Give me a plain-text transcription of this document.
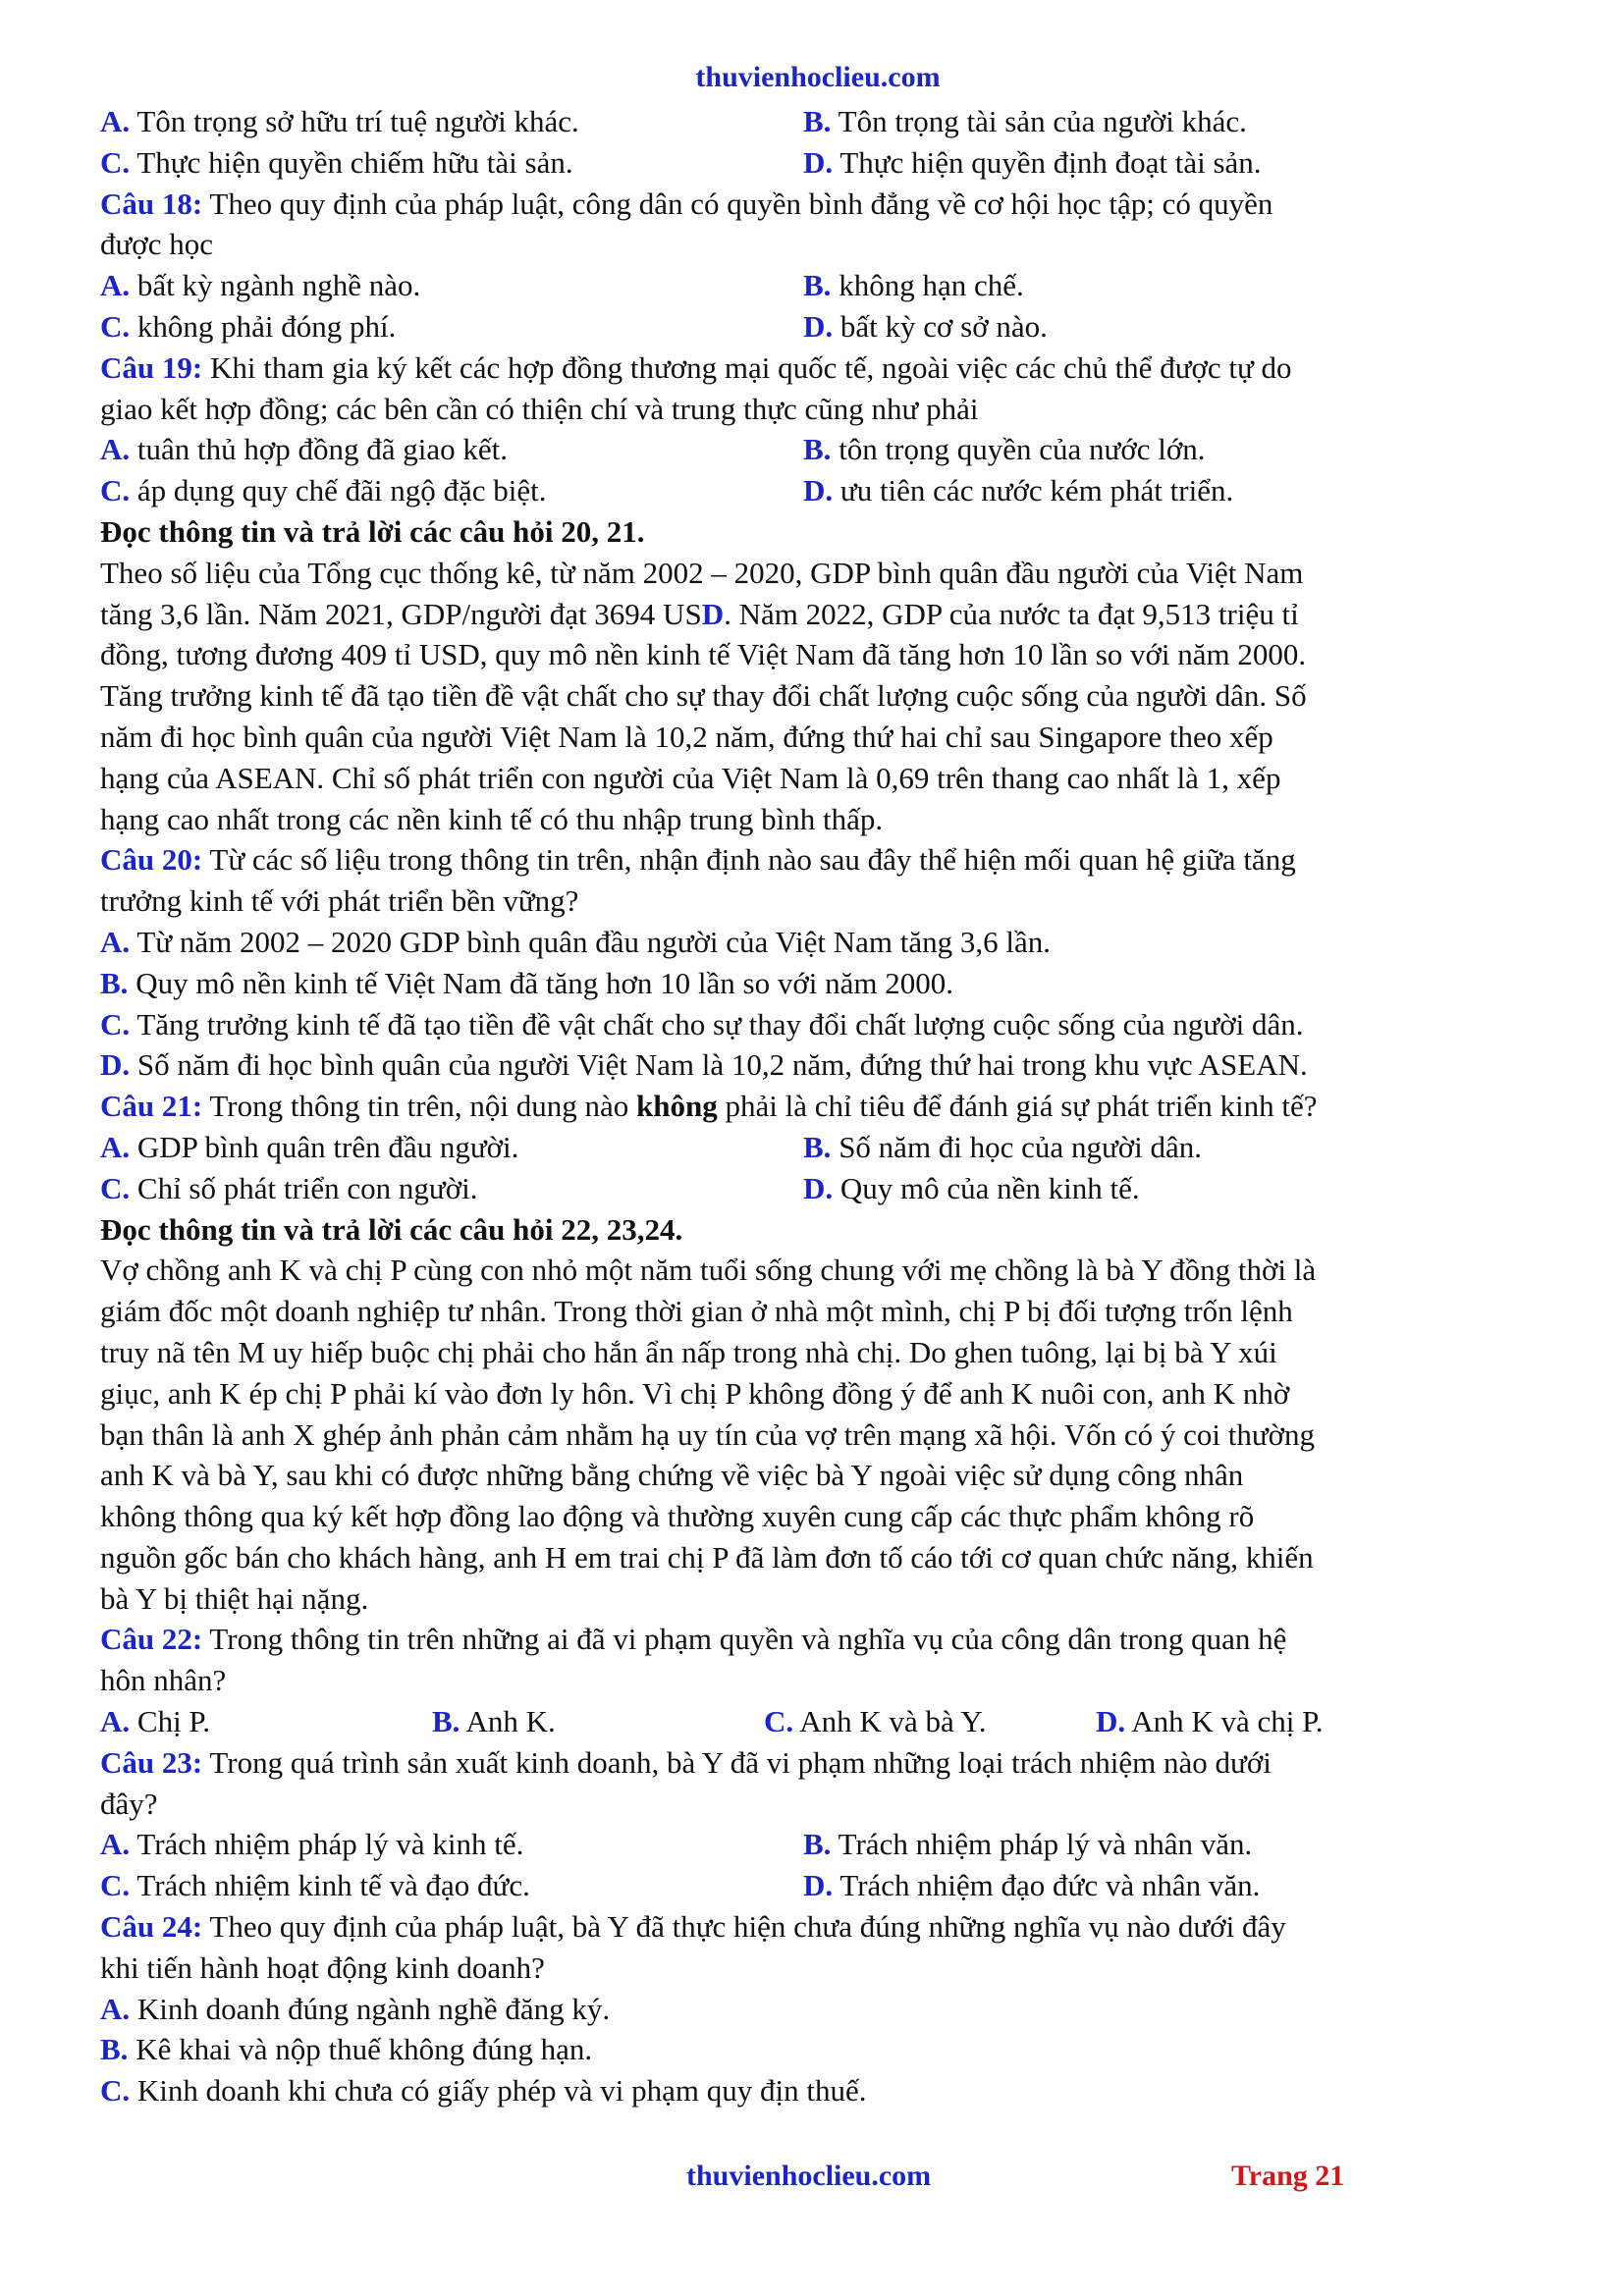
thuvienhoclieu.com
A. Tôn trọng sở hữu trí tuệ người khác.	B. Tôn trọng tài sản của người khác.
C. Thực hiện quyền chiếm hữu tài sản.	D. Thực hiện quyền định đoạt tài sản.
Câu 18: Theo quy định của pháp luật, công dân có quyền bình đẳng về cơ hội học tập; có quyền
được học
A. bất kỳ ngành nghề nào.	B. không hạn chế.
C. không phải đóng phí.	D. bất kỳ cơ sở nào.
Câu 19: Khi tham gia ký kết các hợp đồng thương mại quốc tế, ngoài việc các chủ thể được tự do
giao kết hợp đồng; các bên cần có thiện chí và trung thực cũng như phải
A. tuân thủ hợp đồng đã giao kết.	B. tôn trọng quyền của nước lớn.
C. áp dụng quy chế đãi ngộ đặc biệt.	D. ưu tiên các nước kém phát triển.
Đọc thông tin và trả lời các câu hỏi 20, 21.
Theo số liệu của Tổng cục thống kê, từ năm 2002 – 2020, GDP bình quân đầu người của Việt Nam
tăng 3,6 lần. Năm 2021, GDP/người đạt 3694 USD. Năm 2022, GDP của nước ta đạt 9,513 triệu tỉ
đồng, tương đương 409 tỉ USD, quy mô nền kinh tế Việt Nam đã tăng hơn 10 lần so với năm 2000.
Tăng trưởng kinh tế đã tạo tiền đề vật chất cho sự thay đổi chất lượng cuộc sống của người dân. Số
năm đi học bình quân của người Việt Nam là 10,2 năm, đứng thứ hai chỉ sau Singapore theo xếp
hạng của ASEAN. Chỉ số phát triển con người của Việt Nam là 0,69 trên thang cao nhất là 1, xếp
hạng cao nhất trong các nền kinh tế có thu nhập trung bình thấp.
Câu 20: Từ các số liệu trong thông tin trên, nhận định nào sau đây thể hiện mối quan hệ giữa tăng
trưởng kinh tế với phát triển bền vững?
A. Từ năm 2002 – 2020 GDP bình quân đầu người của Việt Nam tăng 3,6 lần.
B. Quy mô nền kinh tế Việt Nam đã tăng hơn 10 lần so với năm 2000.
C. Tăng trưởng kinh tế đã tạo tiền đề vật chất cho sự thay đổi chất lượng cuộc sống của người dân.
D. Số năm đi học bình quân của người Việt Nam là 10,2 năm, đứng thứ hai trong khu vực ASEAN.
Câu 21: Trong thông tin trên, nội dung nào không phải là chỉ tiêu để đánh giá sự phát triển kinh tế?
A. GDP bình quân trên đầu người.	B. Số năm đi học của người dân.
C. Chỉ số phát triển con người.	D. Quy mô của nền kinh tế.
Đọc thông tin và trả lời các câu hỏi 22, 23,24.
Vợ chồng anh K và chị P cùng con nhỏ một năm tuổi sống chung với mẹ chồng là bà Y đồng thời là
giám đốc một doanh nghiệp tư nhân. Trong thời gian ở nhà một mình, chị P bị đối tượng trốn lệnh
truy nã tên M uy hiếp buộc chị phải cho hắn ẩn nấp trong nhà chị. Do ghen tuông, lại bị bà Y xúi
giục, anh K ép chị P phải kí vào đơn ly hôn. Vì chị P không đồng ý để anh K nuôi con, anh K nhờ
bạn thân là anh X ghép ảnh phản cảm nhằm hạ uy tín của vợ trên mạng xã hội. Vốn có ý coi thường
anh K và bà Y, sau khi có được những bằng chứng về việc bà Y ngoài việc sử dụng công nhân
không thông qua ký kết hợp đồng lao động và thường xuyên cung cấp các thực phẩm không rõ
nguồn gốc bán cho khách hàng, anh H em trai chị P đã làm đơn tố cáo tới cơ quan chức năng, khiến
bà Y bị thiệt hại nặng.
Câu 22: Trong thông tin trên những ai đã vi phạm quyền và nghĩa vụ của công dân trong quan hệ
hôn nhân?
A. Chị P.	B. Anh K.	C. Anh K và bà Y.	D. Anh K và chị P.
Câu 23: Trong quá trình sản xuất kinh doanh, bà Y đã vi phạm những loại trách nhiệm nào dưới
đây?
A. Trách nhiệm pháp lý và kinh tế.	B. Trách nhiệm pháp lý và nhân văn.
C. Trách nhiệm kinh tế và đạo đức.	D. Trách nhiệm đạo đức và nhân văn.
Câu 24: Theo quy định của pháp luật, bà Y đã thực hiện chưa đúng những nghĩa vụ nào dưới đây
khi tiến hành hoạt động kinh doanh?
A. Kinh doanh đúng ngành nghề đăng ký.
B. Kê khai và nộp thuế không đúng hạn.
C. Kinh doanh khi chưa có giấy phép và vi phạm quy địn thuế.
thuvienhoclieu.com	Trang 21
